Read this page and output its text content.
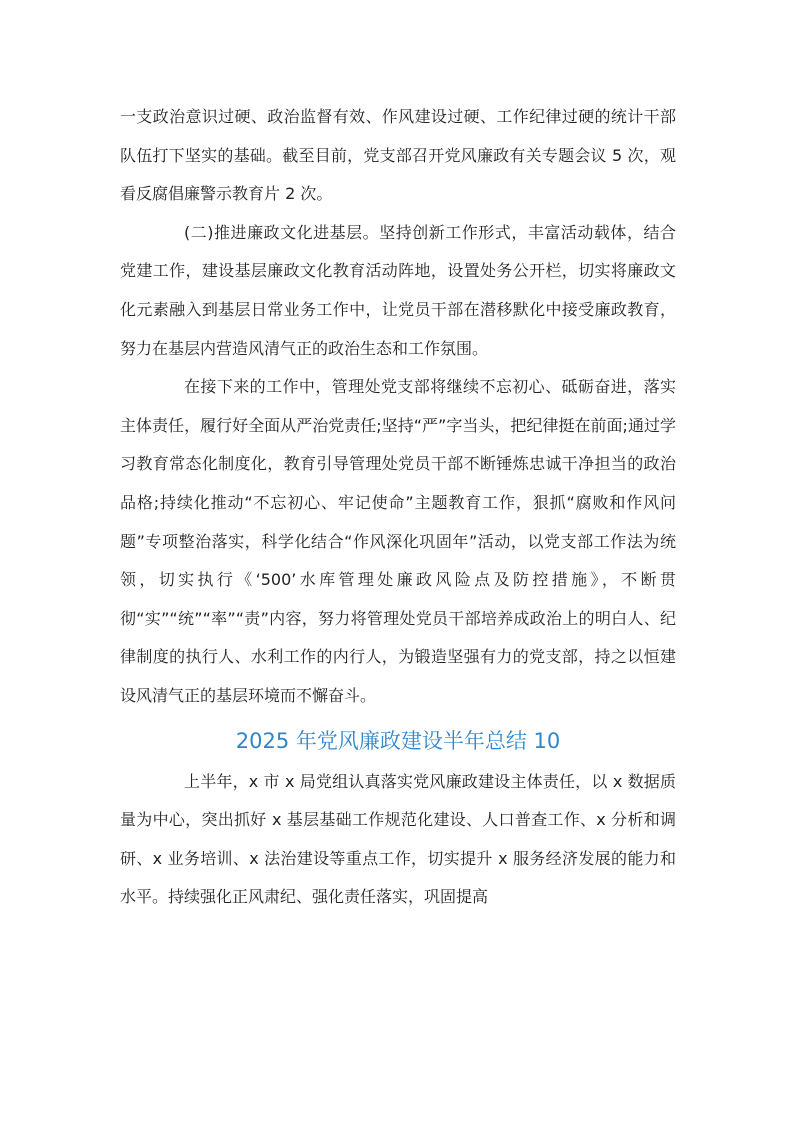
一支政治意识过硬、政治监督有效、作风建设过硬、工作纪律过硬的统计干部队伍打下坚实的基础。截至目前，党支部召开党风廉政有关专题会议 5 次，观看反腐倡廉警示教育片 2 次。

(二)推进廉政文化进基层。坚持创新工作形式，丰富活动载体，结合党建工作，建设基层廉政文化教育活动阵地，设置处务公开栏，切实将廉政文化元素融入到基层日常业务工作中，让党员干部在潜移默化中接受廉政教育，努力在基层内营造风清气正的政治生态和工作氛围。

在接下来的工作中，管理处党支部将继续不忘初心、砥砺奋进，落实主体责任，履行好全面从严治党责任;坚持“严”字当头，把纪律挺在前面;通过学习教育常态化制度化，教育引导管理处党员干部不断锤炼忠诚干净担当的政治品格;持续化推动“不忘初心、牢记使命”主题教育工作，狠抓“腐败和作风问题”专项整治落实，科学化结合“作风深化巩固年”活动，以党支部工作法为统领，切实执行《‘500’水库管理处廉政风险点及防控措施》，不断贯彻“实”“统”“率”“责”内容，努力将管理处党员干部培养成政治上的明白人、纪律制度的执行人、水利工作的内行人，为锻造坚强有力的党支部，持之以恒建设风清气正的基层环境而不懈奋斗。

2025 年党风廉政建设半年总结 10

上半年，x 市 x 局党组认真落实党风廉政建设主体责任，以 x 数据质量为中心，突出抓好 x 基层基础工作规范化建设、人口普查工作、x 分析和调研、x 业务培训、x 法治建设等重点工作，切实提升 x 服务经济发展的能力和水平。持续强化正风肃纪、强化责任落实，巩固提高
